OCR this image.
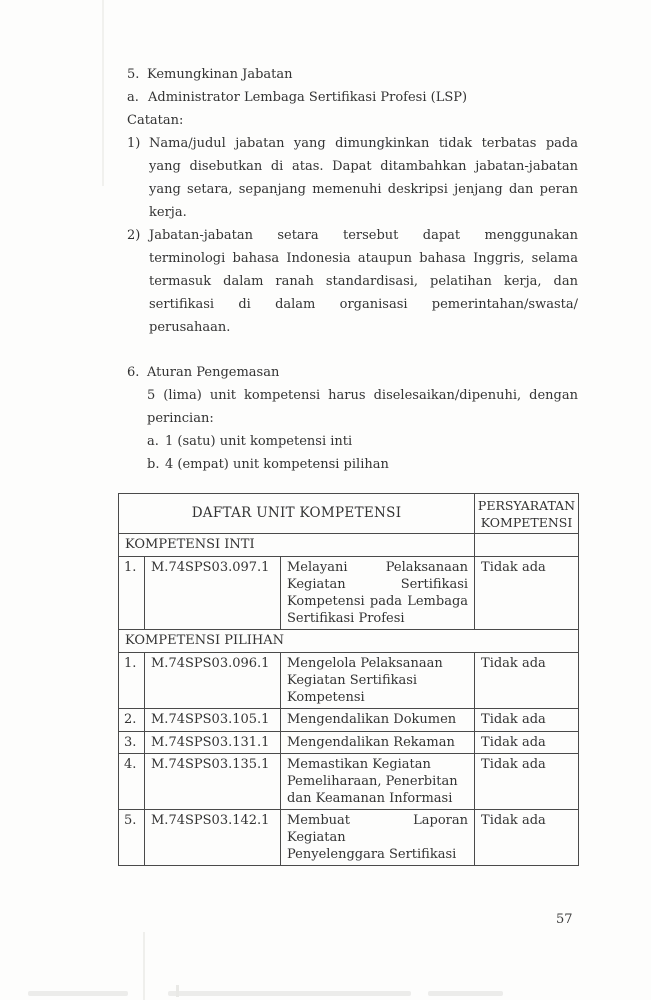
5. Kemungkinan Jabatan
a. Administrator Lembaga Sertifikasi Profesi (LSP)
Catatan:
1) Nama/judul jabatan yang dimungkinkan tidak terbatas pada
yang disebutkan di atas. Dapat ditambahkan jabatan-jabatan
yang setara, sepanjang memenuhi deskripsi jenjang dan peran
kerja.
2) Jabatan-jabatan setara tersebut dapat menggunakan
terminologi bahasa Indonesia ataupun bahasa Inggris, selama
termasuk dalam ranah standardisasi, pelatihan kerja, dan
sertifikasi di dalam organisasi pemerintahan/swasta/
perusahaan.
6. Aturan Pengemasan
5 (lima) unit kompetensi harus diselesaikan/dipenuhi, dengan
perincian:
a. 1 (satu) unit kompetensi inti
b. 4 (empat) unit kompetensi pilihan
DAFTAR UNIT KOMPETENSI			PERSYARATAN
KOMPETENSI

KOMPETENSI INTI			
1.	M.74SPS03.097.1	Melayani Pelaksanaan
Kegiatan Sertifikasi
Kompetensi pada Lembaga
Sertifikasi Profesi	Tidak ada
KOMPETENSI PILIHAN			
1.	M.74SPS03.096.1	Mengelola Pelaksanaan
Kegiatan Sertifikasi
Kompetensi	Tidak ada
2.	M.74SPS03.105.1	Mengendalikan Dokumen	Tidak ada
3.	M.74SPS03.131.1	Mengendalikan Rekaman	Tidak ada
4.	M.74SPS03.135.1	Memastikan Kegiatan
Pemeliharaan, Penerbitan
dan Keamanan Informasi	Tidak ada
5.	M.74SPS03.142.1	Membuat Laporan Kegiatan
Penyelenggara Sertifikasi	Tidak ada
57
